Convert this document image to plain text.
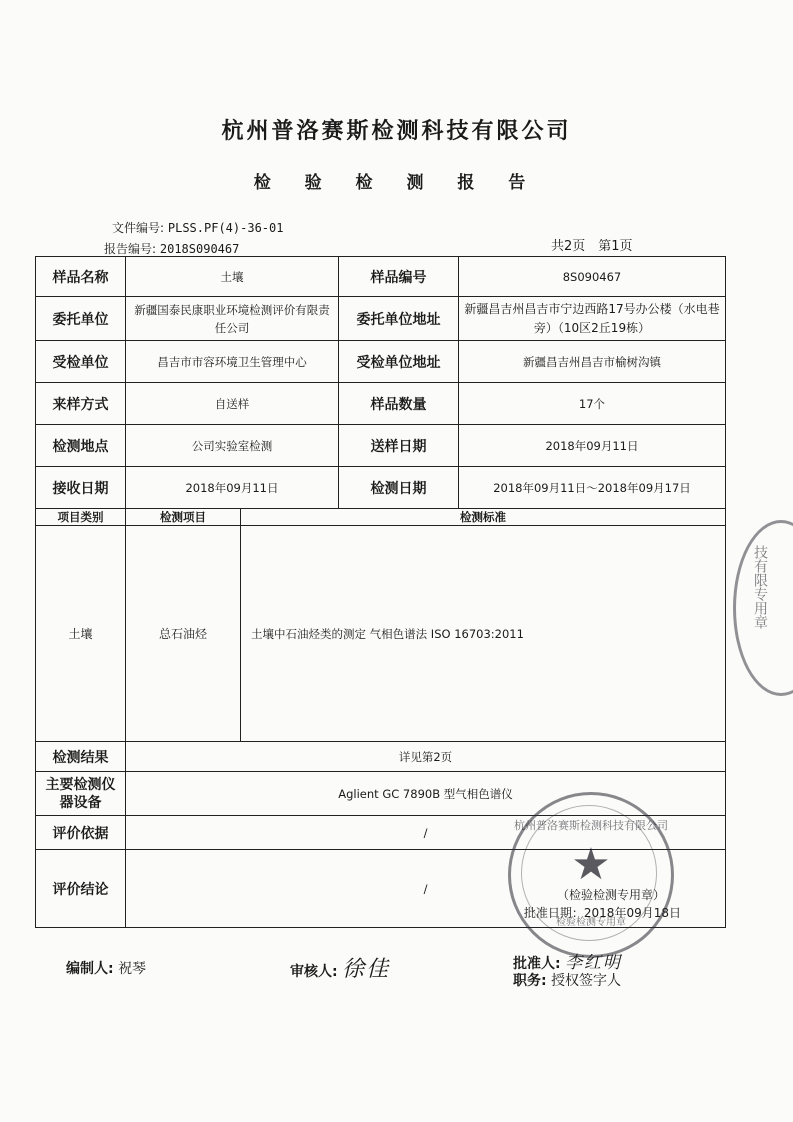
杭州普洛赛斯检测科技有限公司
检 验 检 测 报 告
文件编号: PLSS.PF(4)-36-01
报告编号: 2018S090467	共2页　第1页
样品名称	土壤		样品编号	8S090467
委托单位	新疆国泰民康职业环境检测评价有限责任公司		委托单位地址	新疆昌吉州昌吉市宁边西路17号办公楼（水电巷旁）（10区2丘19栋）
受检单位	昌吉市市容环境卫生管理中心		受检单位地址	新疆昌吉州昌吉市榆树沟镇
来样方式	自送样		样品数量	17个
检测地点	公司实验室检测		送样日期	2018年09月11日
接收日期	2018年09月11日		检测日期	2018年09月11日～2018年09月17日
项目类别	检测项目	检测标准		
土壤	总石油烃	土壤中石油烃类的测定 气相色谱法 ISO 16703:2011		
检测结果	详见第2页			
主要检测仪器设备	Aglient GC 7890B 型气相色谱仪			
评价依据	/			
评价结论	/ （检验检测专用章）
批准日期：2018年09月18日			
杭州普洛赛斯检测科技有限公司
★
检验检测专用章
技有限专用章
编制人: 祝琴	审核人: 徐佳	批准人: 李红明
职务: 授权签字人
